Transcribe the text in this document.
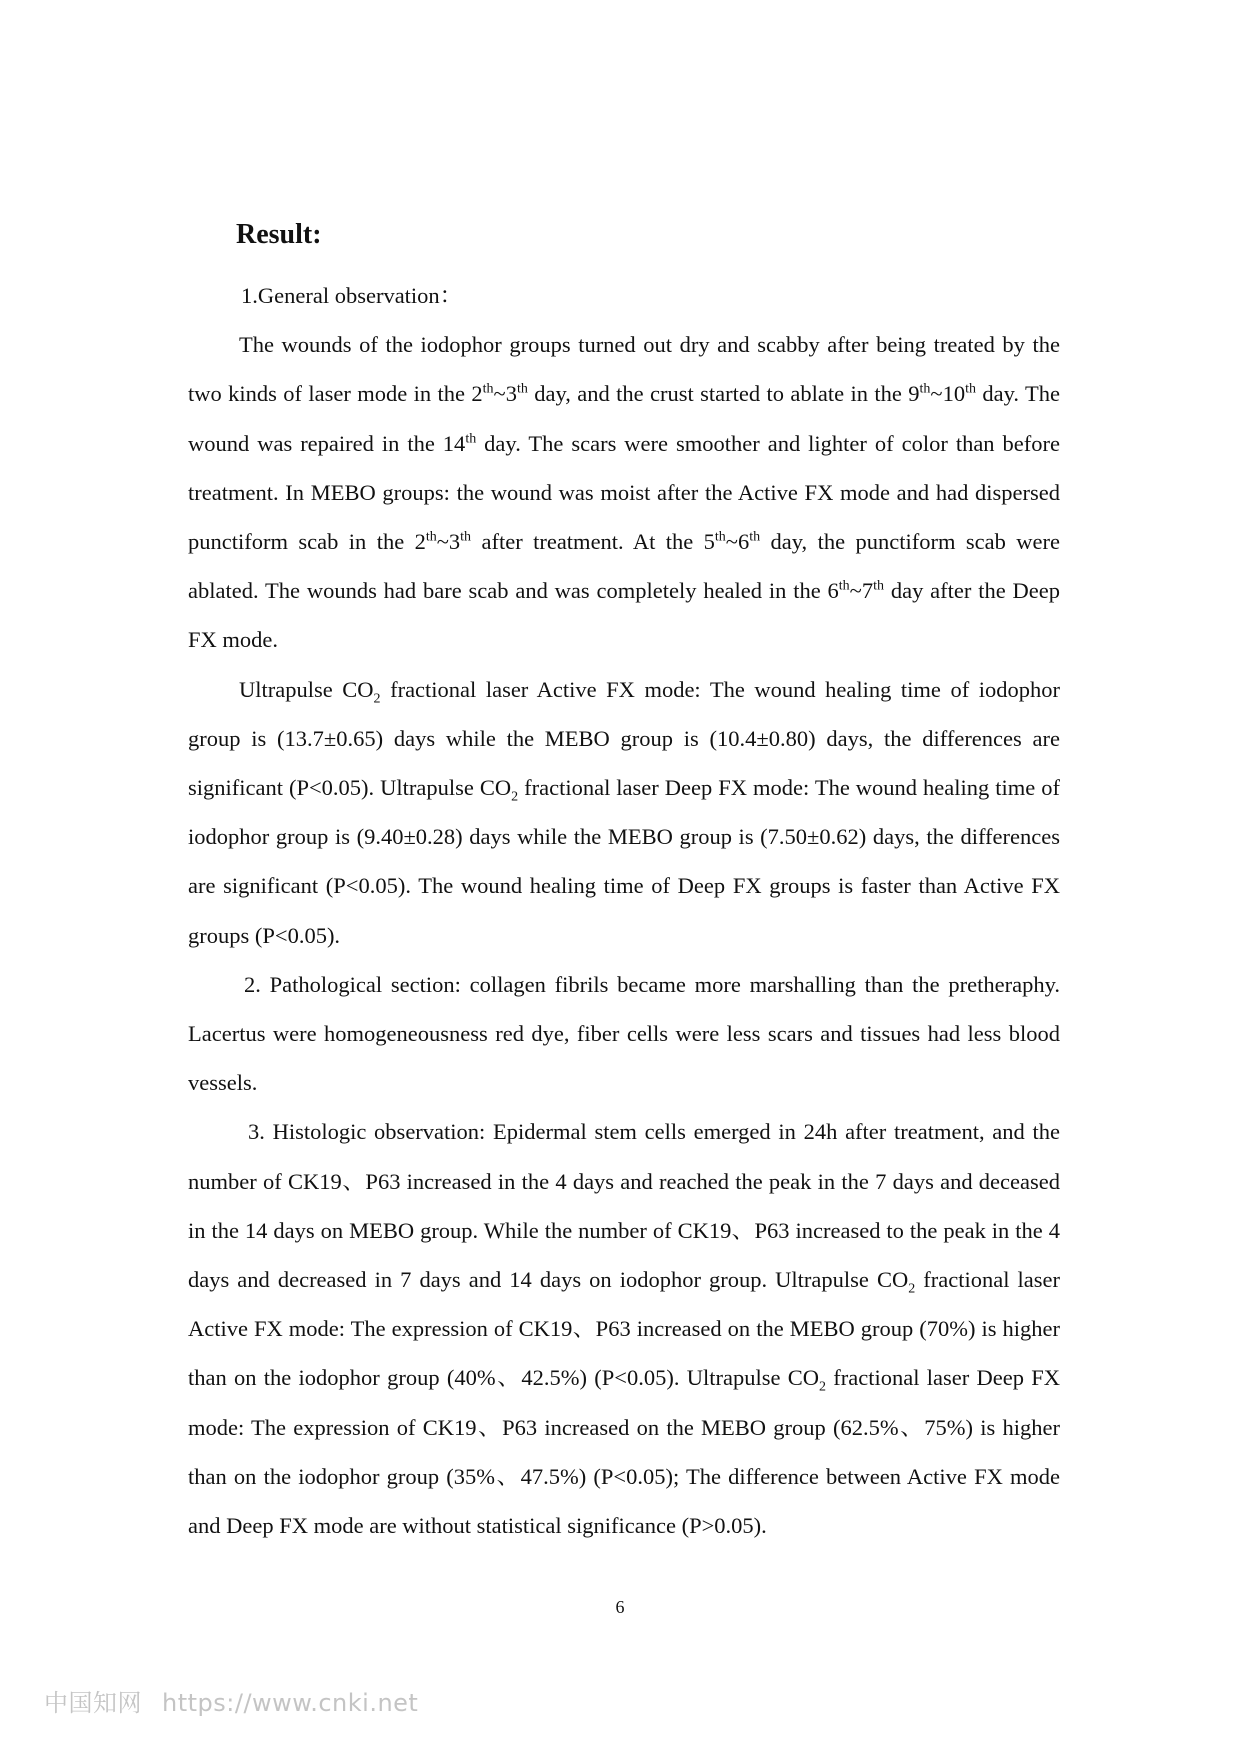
Result:

1.General observation：

The wounds of the iodophor groups turned out dry and scabby after being treated by the two kinds of laser mode in the 2th~3th day, and the crust started to ablate in the 9th~10th day. The wound was repaired in the 14th day. The scars were smoother and lighter of color than before treatment. In MEBO groups: the wound was moist after the Active FX mode and had dispersed punctiform scab in the 2th~3th after treatment. At the 5th~6th day, the punctiform scab were ablated. The wounds had bare scab and was completely healed in the 6th~7th day after the Deep FX mode.

Ultrapulse $CO_2$ fractional laser Active FX mode: The wound healing time of iodophor group is (13.7±0.65) days while the MEBO group is (10.4±0.80) days, the differences are significant (P<0.05). Ultrapulse $CO_2$ fractional laser Deep FX mode: The wound healing time of iodophor group is (9.40±0.28) days while the MEBO group is (7.50±0.62) days, the differences are significant (P<0.05). The wound healing time of Deep FX groups is faster than Active FX groups (P<0.05).

2. Pathological section: collagen fibrils became more marshalling than the pretheraphy. Lacertus were homogeneousness red dye, fiber cells were less scars and tissues had less blood vessels.

3. Histologic observation: Epidermal stem cells emerged in 24h after treatment, and the number of CK19、P63 increased in the 4 days and reached the peak in the 7 days and deceased in the 14 days on MEBO group. While the number of CK19、P63 increased to the peak in the 4 days and decreased in 7 days and 14 days on iodophor group. Ultrapulse $CO_2$ fractional laser Active FX mode: The expression of CK19、P63 increased on the MEBO group (70%) is higher than on the iodophor group (40%、42.5%) (P<0.05). Ultrapulse $CO_2$ fractional laser Deep FX mode: The expression of CK19、P63 increased on the MEBO group (62.5%、75%) is higher than on the iodophor group (35%、47.5%) (P<0.05); The difference between Active FX mode and Deep FX mode are without statistical significance (P>0.05).

6
中国知网 https://www.cnki.net
